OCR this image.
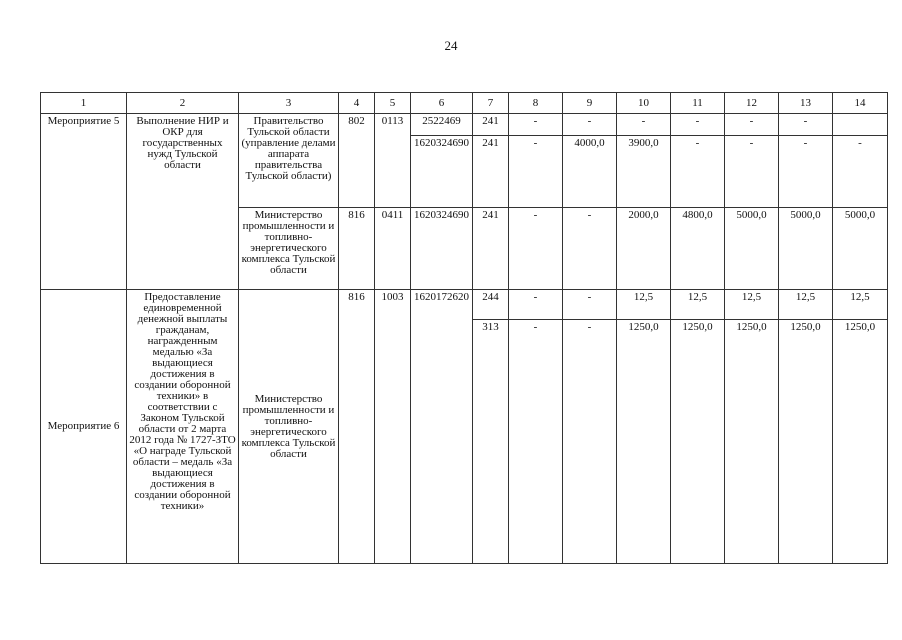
24
1	2	3	4	5	6	7	8	9	10	11	12	13	14
Мероприятие 5	Выполнение НИР и ОКР для государственных нужд Тульской области	Правительство Тульской области (управление делами аппарата правительства Тульской области)	802	0113	2522469	241	-	-	-	-	-	-	
					1620324690	241	-	4000,0	3900,0	-	-	-	-
		Министерство промышленности и топливно-энергетического комплекса Тульской области	816	0411	1620324690	241	-	-	2000,0	4800,0	5000,0	5000,0	5000,0
Мероприятие 6	Предоставление единовременной денежной выплаты гражданам, награжденным медалью «За выдающиеся достижения в создании оборонной техники» в соответствии с Законом Тульской области от 2 марта 2012 года № 1727-ЗТО «О награде Тульской области – медаль «За выдающиеся достижения в создании оборонной техники»	Министерство промышленности и топливно-энергетического комплекса Тульской области	816	1003	1620172620	244	-	-	12,5	12,5	12,5	12,5	12,5
						313	-	-	1250,0	1250,0	1250,0	1250,0	1250,0
